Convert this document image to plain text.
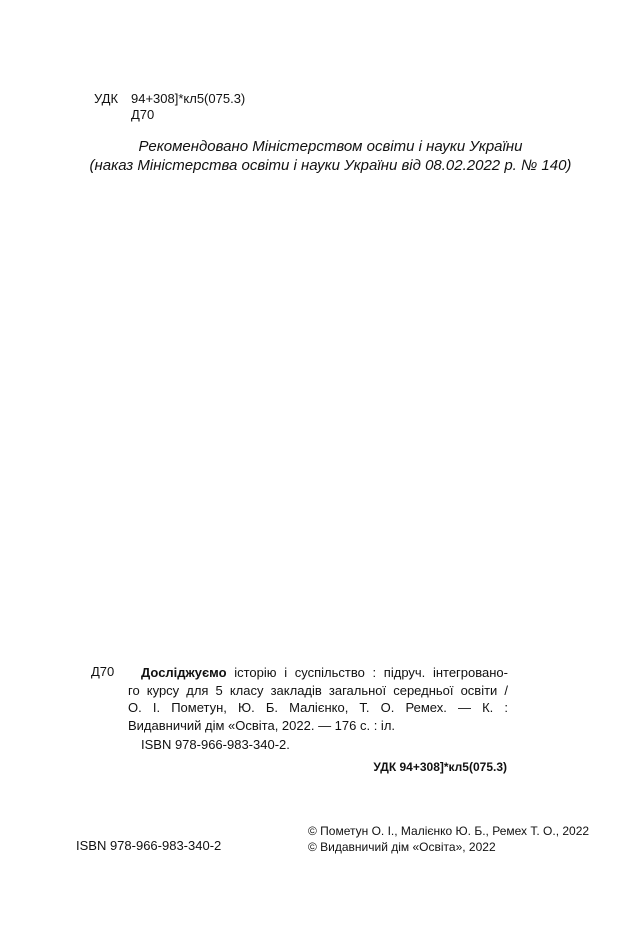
УДК 94+308]*кл5(075.3)
Д70
Рекомендовано Міністерством освіти і науки України
(наказ Міністерства освіти і науки України від 08.02.2022 р. № 140)
Д70	Досліджуємо історію і суспільство : підруч. інтегровано-
го курсу для 5 класу закладів загальної середньої освіти /
О. І. Пометун, Ю. Б. Малієнко, Т. О. Ремех. — К. :
Видавничий дім «Освіта, 2022. — 176 с. : іл.
ISBN 978-966-983-340-2.
УДК 94+308]*кл5(075.3)
© Пометун О. І., Малієнко Ю. Б., Ремех Т. О., 2022
© Видавничий дім «Освіта», 2022
ISBN 978-966-983-340-2
